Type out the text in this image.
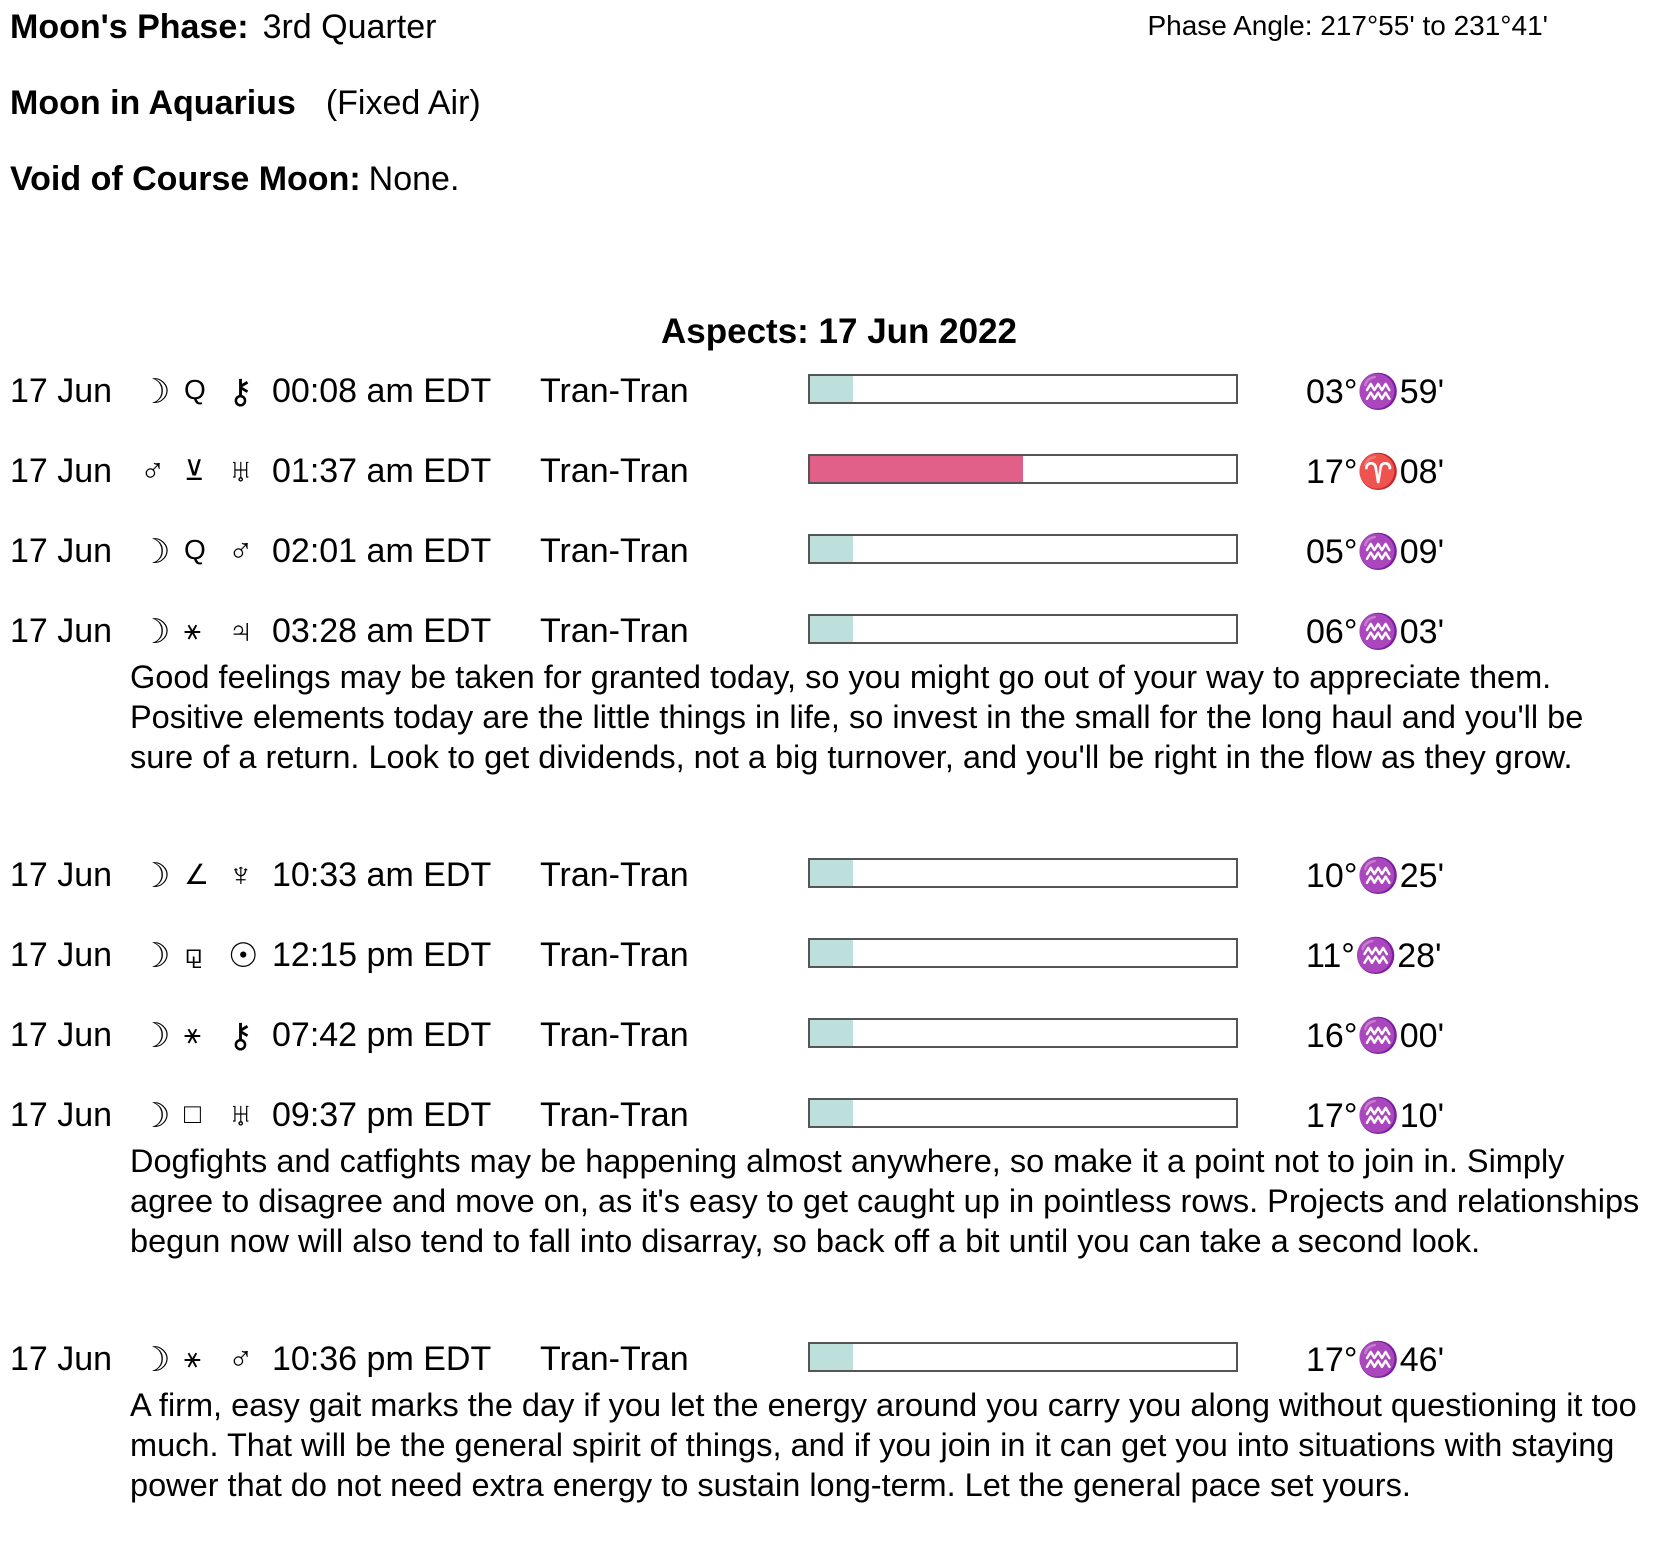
Moon's Phase: 3rd Quarter	Phase Angle: 217°55' to 231°41'
Moon in Aquarius (Fixed Air)
Void of Course Moon: None.
Aspects: 17 Jun 2022
17 Jun ☽ Q ⚷ 00:08 am EDT Tran-Tran	03°♒59'
17 Jun ♂ ⊻ ♅ 01:37 am EDT Tran-Tran	17°♈08'
17 Jun ☽ Q ♂ 02:01 am EDT Tran-Tran	05°♒09'
17 Jun ☽ ⚹ ♃ 03:28 am EDT Tran-Tran	06°♒03'
Good feelings may be taken for granted today, so you might go out of your way to appreciate them. Positive elements today are the little things in life, so invest in the small for the long haul and you'll be sure of a return. Look to get dividends, not a big turnover, and you'll be right in the flow as they grow.
17 Jun ☽ ∠ ♆ 10:33 am EDT Tran-Tran	10°♒25'
17 Jun ☽ ⚼ ☉ 12:15 pm EDT Tran-Tran	11°♒28'
17 Jun ☽ ⚹ ⚷ 07:42 pm EDT Tran-Tran	16°♒00'
17 Jun ☽ □ ♅ 09:37 pm EDT Tran-Tran	17°♒10'
Dogfights and catfights may be happening almost anywhere, so make it a point not to join in. Simply agree to disagree and move on, as it's easy to get caught up in pointless rows. Projects and relationships begun now will also tend to fall into disarray, so back off a bit until you can take a second look.
17 Jun ☽ ⚹ ♂ 10:36 pm EDT Tran-Tran	17°♒46'
A firm, easy gait marks the day if you let the energy around you carry you along without questioning it too much. That will be the general spirit of things, and if you join in it can get you into situations with staying power that do not need extra energy to sustain long-term. Let the general pace set yours.
